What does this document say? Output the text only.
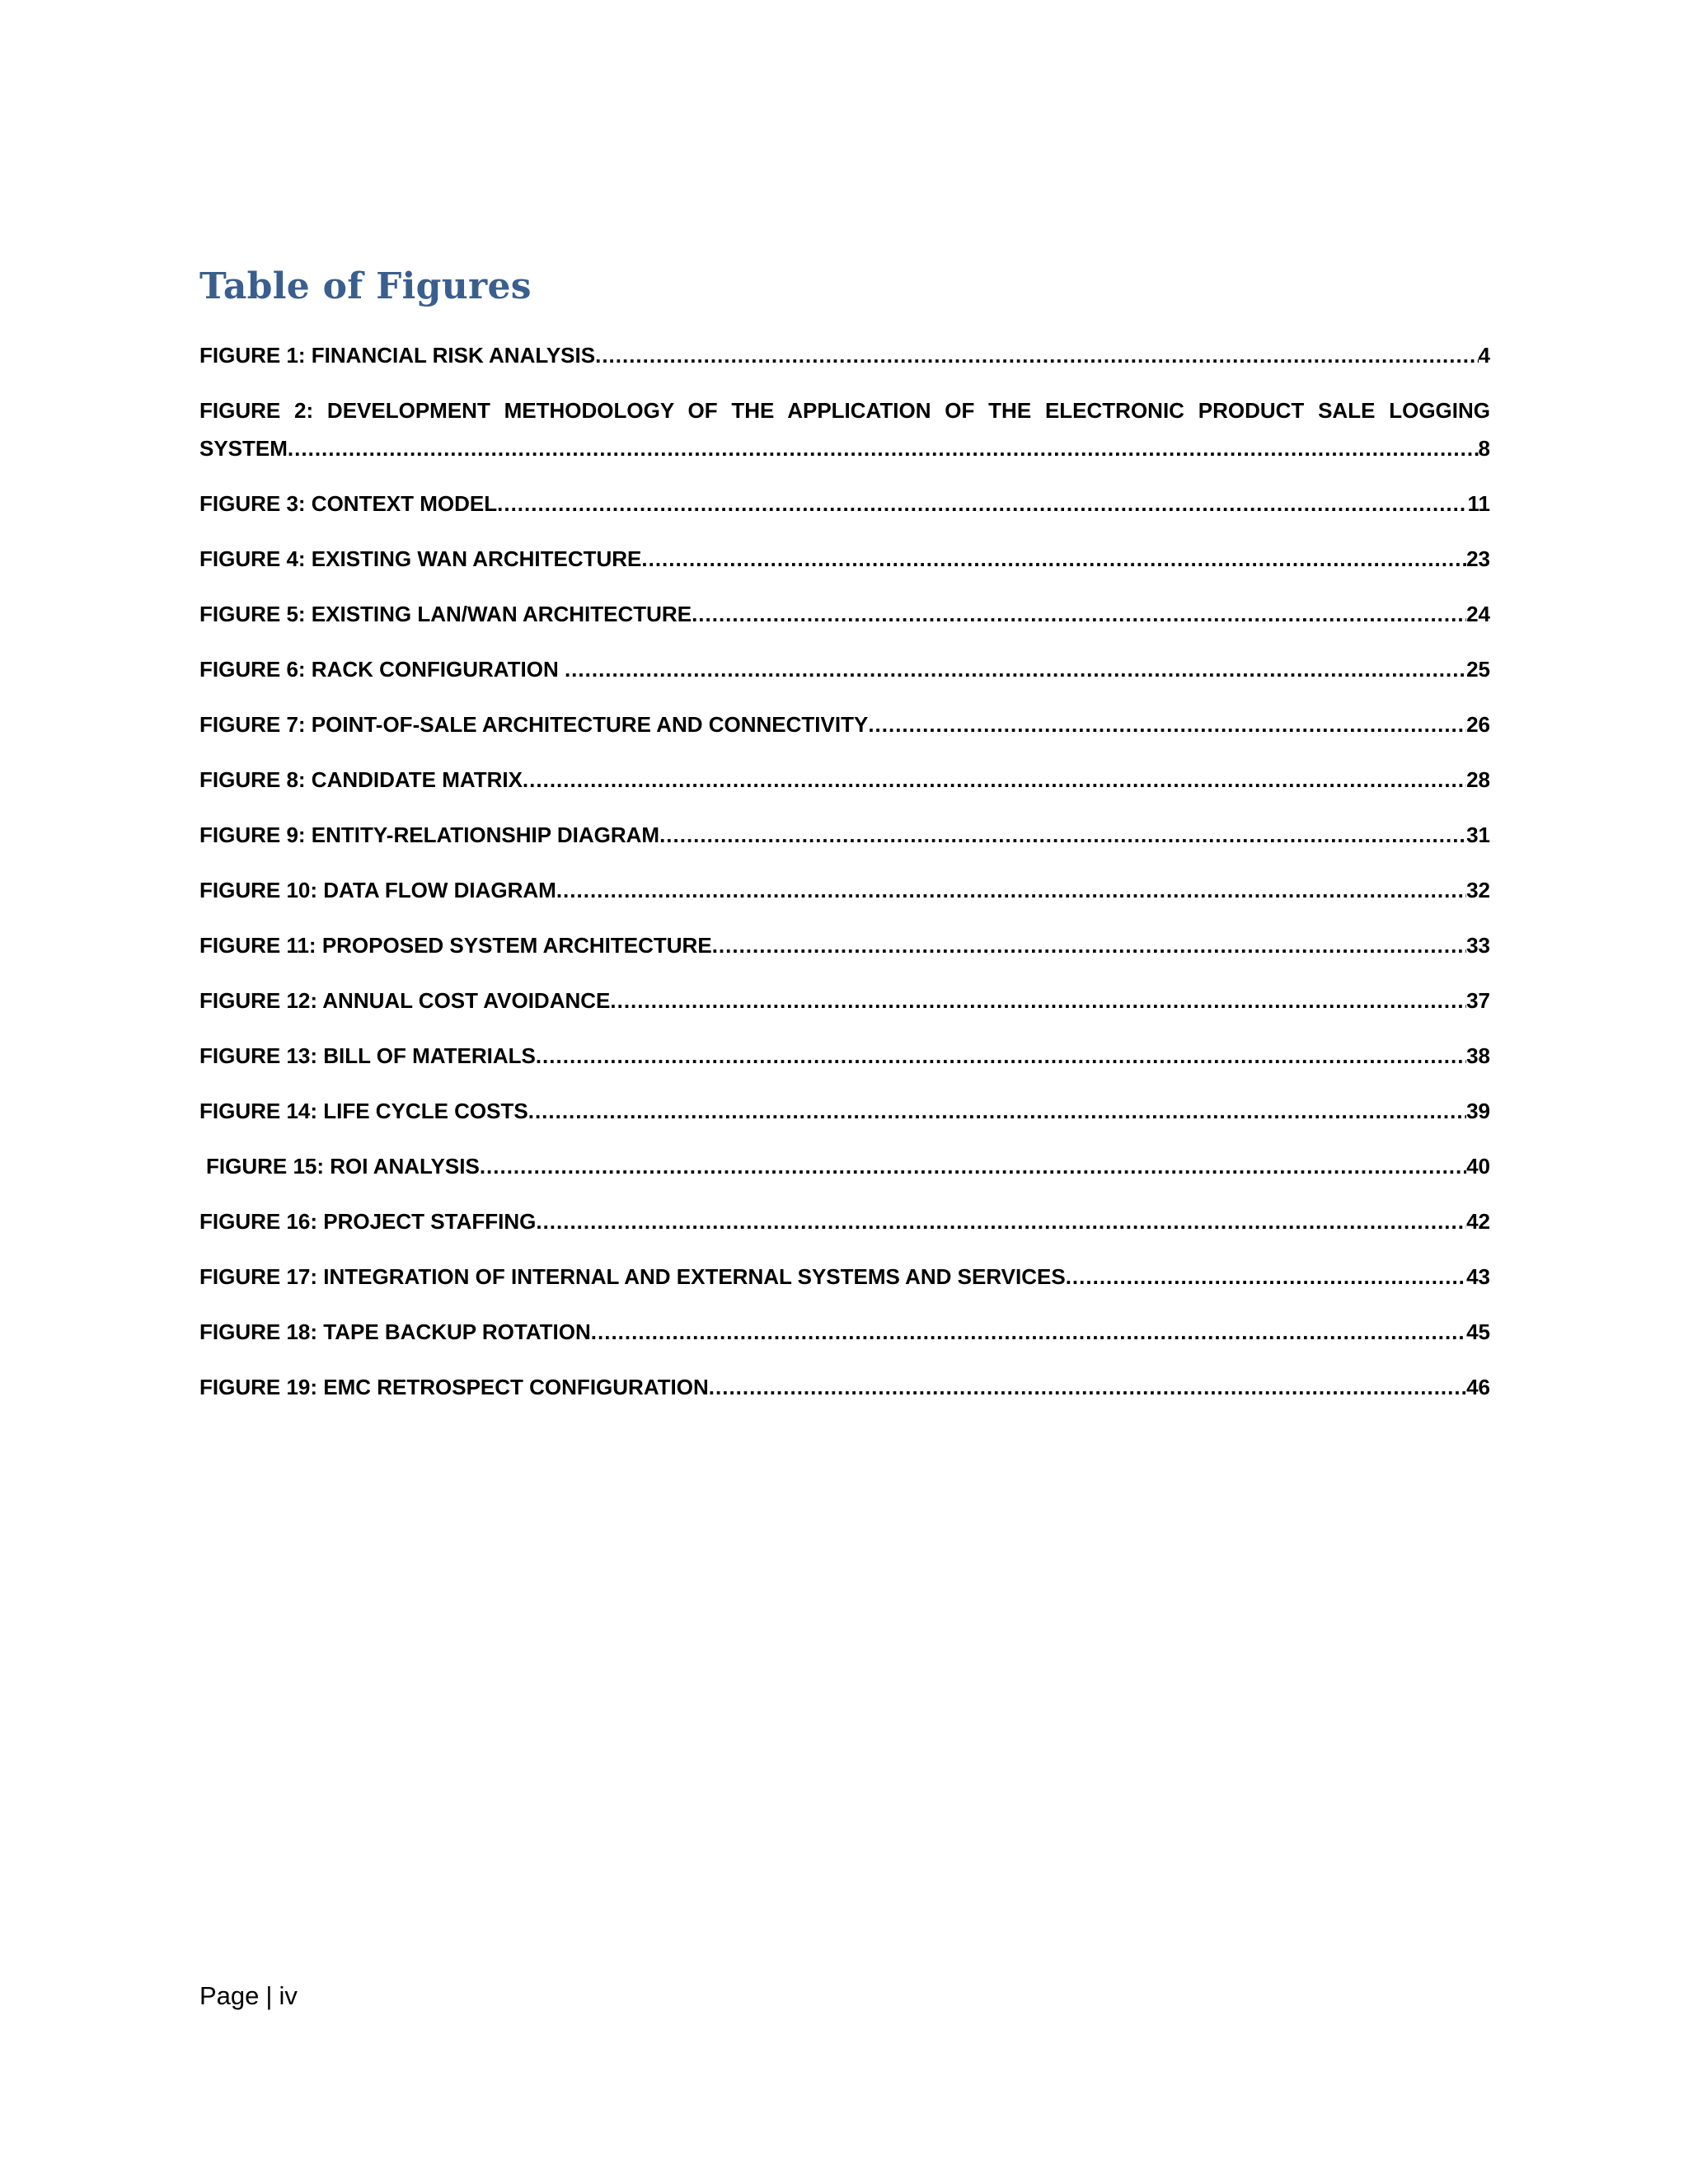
Table of Figures
FIGURE 1: FINANCIAL RISK ANALYSIS .....	4
FIGURE 2: DEVELOPMENT METHODOLOGY OF THE APPLICATION OF THE ELECTRONIC PRODUCT SALE LOGGING
SYSTEM .....	8
FIGURE 3: CONTEXT MODEL .....	11
FIGURE 4: EXISTING WAN ARCHITECTURE .....	23
FIGURE 5: EXISTING LAN/WAN ARCHITECTURE .....	24
FIGURE 6: RACK CONFIGURATION .....	25
FIGURE 7: POINT-OF-SALE ARCHITECTURE AND CONNECTIVITY .....	26
FIGURE 8: CANDIDATE MATRIX .....	28
FIGURE 9: ENTITY-RELATIONSHIP DIAGRAM .....	31
FIGURE 10: DATA FLOW DIAGRAM .....	32
FIGURE 11: PROPOSED SYSTEM ARCHITECTURE .....	33
FIGURE 12: ANNUAL COST AVOIDANCE .....	37
FIGURE 13: BILL OF MATERIALS .....	38
FIGURE 14: LIFE CYCLE COSTS .....	39
FIGURE 15: ROI ANALYSIS .....	40
FIGURE 16: PROJECT STAFFING .....	42
FIGURE 17: INTEGRATION OF INTERNAL AND EXTERNAL SYSTEMS AND SERVICES .....	43
FIGURE 18: TAPE BACKUP ROTATION .....	45
FIGURE 19: EMC RETROSPECT CONFIGURATION .....	46
Page | iv
